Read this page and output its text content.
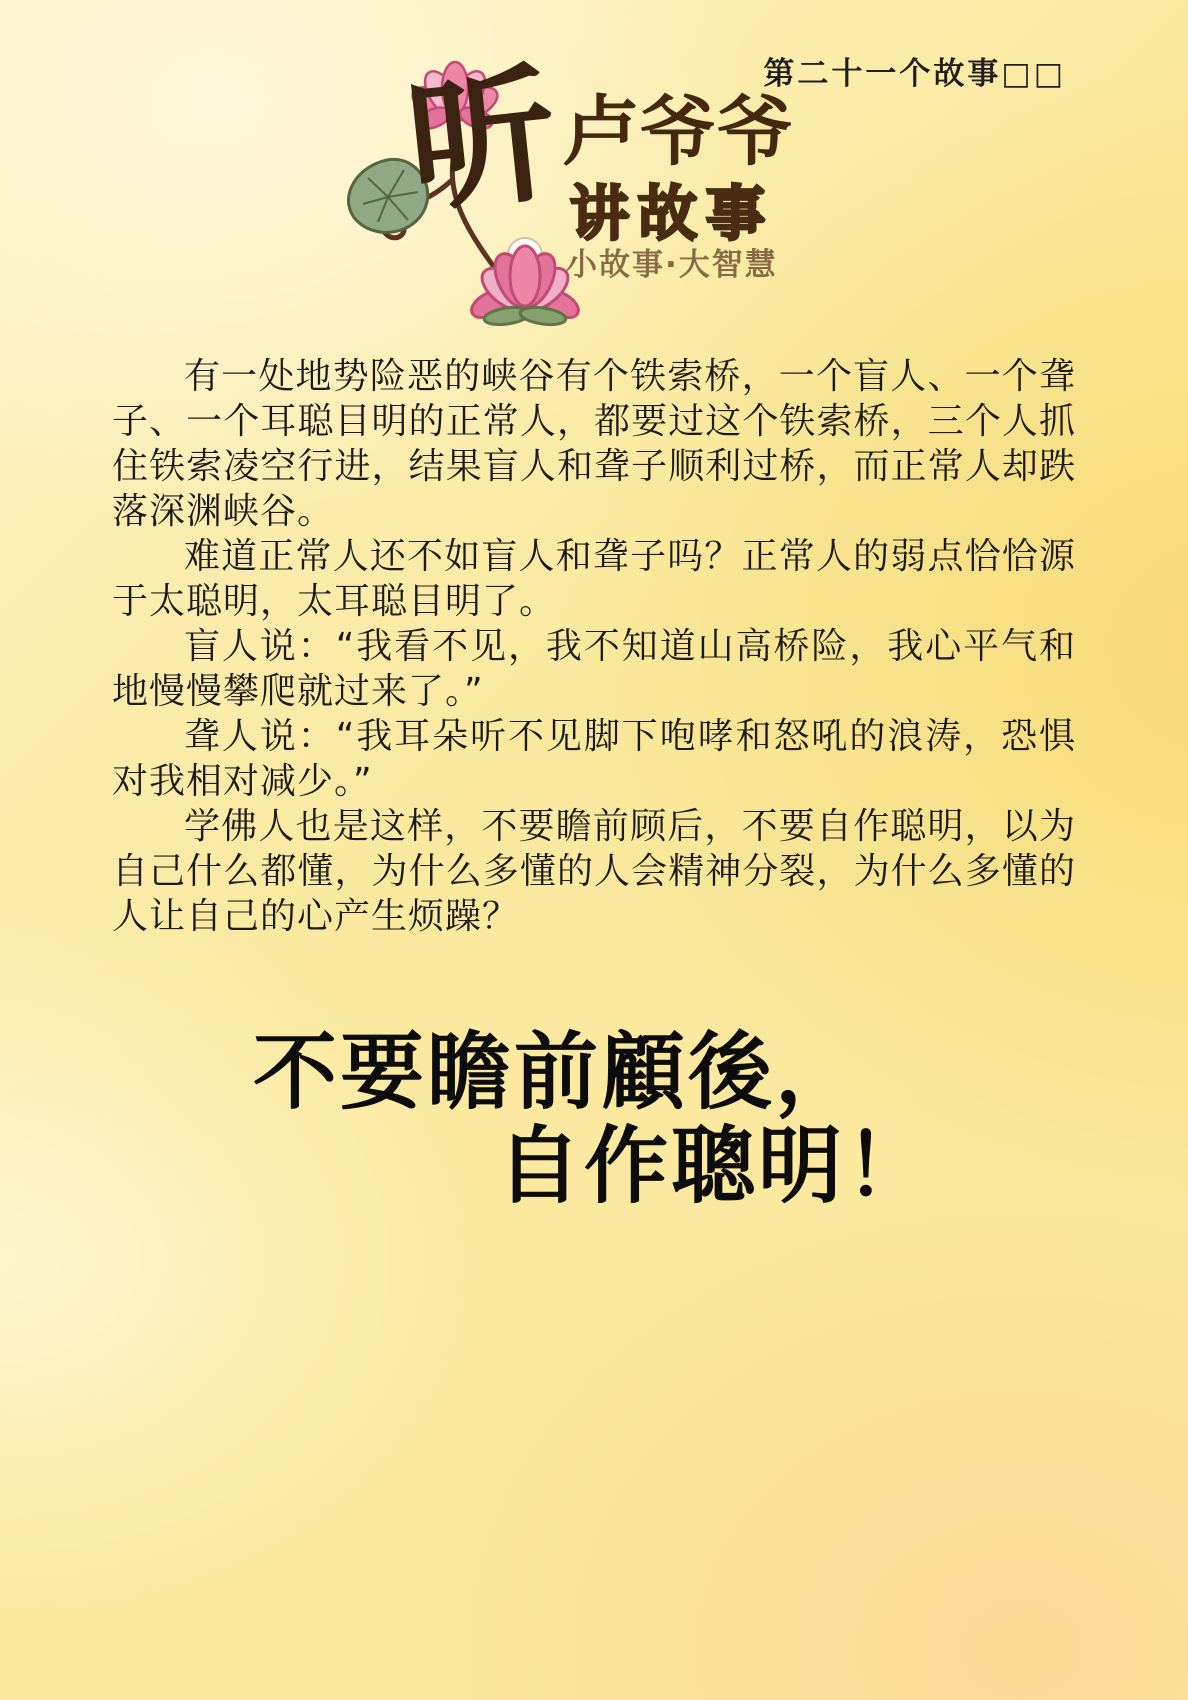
第二十一个故事□□
听
卢爷爷
讲故事
小故事·大智慧

有一处地势险恶的峡谷有个铁索桥，一个盲人、一个聋子、一个耳聪目明的正常人，都要过这个铁索桥，三个人抓住铁索凌空行进，结果盲人和聋子顺利过桥，而正常人却跌落深渊峡谷。

难道正常人还不如盲人和聋子吗？正常人的弱点恰恰源于太聪明，太耳聪目明了。

盲人说：“我看不见，我不知道山高桥险，我心平气和地慢慢攀爬就过来了。”

聋人说：“我耳朵听不见脚下咆哮和怒吼的浪涛，恐惧对我相对减少。”

学佛人也是这样，不要瞻前顾后，不要自作聪明，以为自己什么都懂，为什么多懂的人会精神分裂，为什么多懂的人让自己的心产生烦躁？

不要瞻前顧後，
自作聰明！
